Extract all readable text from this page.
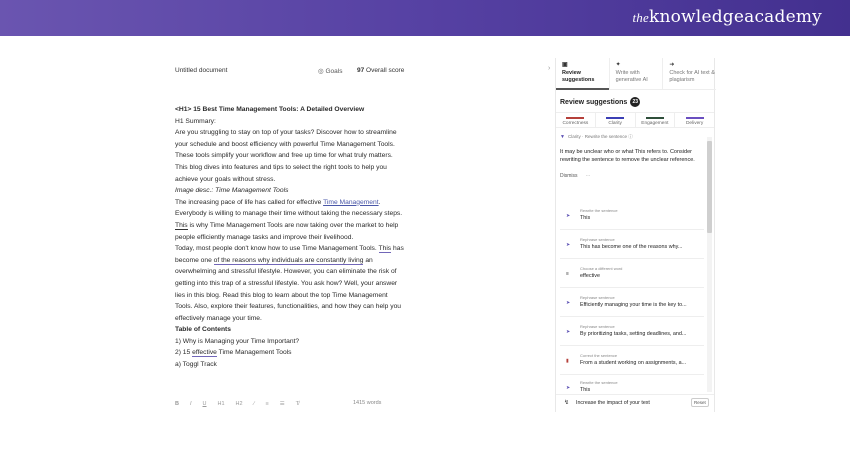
theknowledgeacademy
Untitled document	◎ Goals 97 Overall score

<H1> 15 Best Time Management Tools: A Detailed Overview

H1 Summary:

Are you struggling to stay on top of your tasks? Discover how to streamline your schedule and boost efficiency with powerful Time Management Tools. These tools simplify your workflow and free up time for what truly matters. This blog dives into features and tips to select the right tools to help you achieve your goals without stress.

Image desc.: Time Management Tools

The increasing pace of life has called for effective Time Management. Everybody is willing to manage their time without taking the necessary steps. This is why Time Management Tools are now taking over the market to help people efficiently manage tasks and improve their livelihood.

Today, most people don't know how to use Time Management Tools. This has become one of the reasons why individuals are constantly living an overwhelming and stressful lifestyle. However, you can eliminate the risk of getting into this trap of a stressful lifestyle. You ask how? Well, your answer lies in this blog. Read this blog to learn about the top Time Management Tools. Also, explore their features, functionalities, and how they can help you effectively manage your time.

Table of Contents

1) Why is Managing your Time Important?

2) 15 effective Time Management Tools

a) Toggl Track

B I U H1 H2 ∕ ≡ ☰ T̸	1415 words
› ▣
Review suggestions
✦
Write with generative AI
➜
Check for AI text & plagiarism
Review suggestions 23
Correctness	Clarity	Engagement	Delivery
▼ Clarity · Rewrite the sentence ⓘ
It may be unclear who or what This refers to. Consider rewriting the sentence to remove the unclear reference.
Dismiss ⋯
➤
Rewrite the sentence
This
➤
Rephrase sentence
This has become one of the reasons why...
≡
Choose a different word
effective
➤
Rephrase sentence
Efficiently managing your time is the key to...
➤
Rephrase sentence
By prioritizing tasks, setting deadlines, and...
▮
Correct the sentence
From a student working on assignments, a...
➤
Rewrite the sentence
This
↯ Increase the impact of your text	Reset
